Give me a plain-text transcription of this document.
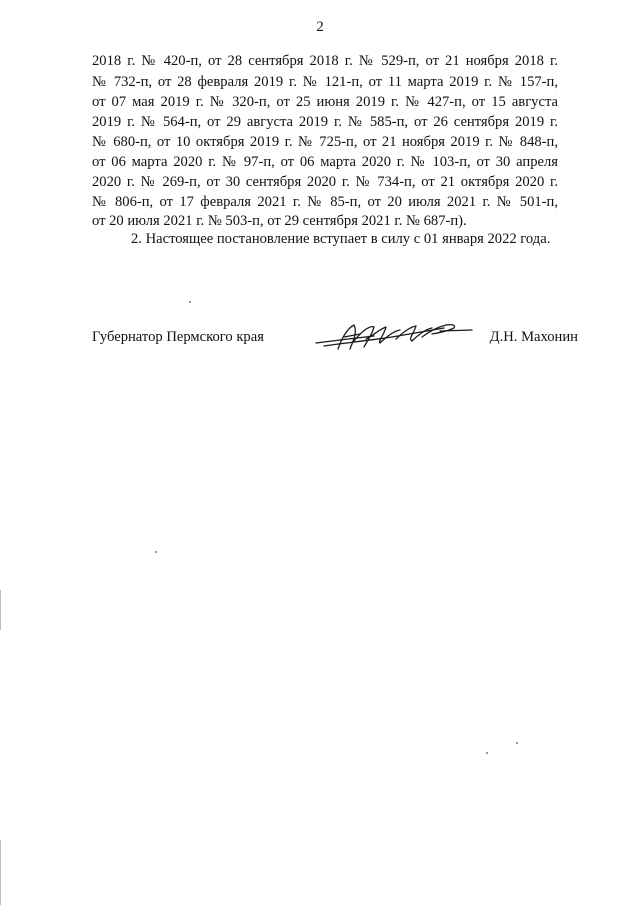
2
2018 г. № 420-п, от 28 сентября 2018 г. № 529-п, от 21 ноября 2018 г.
№ 732-п, от 28 февраля 2019 г. № 121-п, от 11 марта 2019 г. № 157-п,
от 07 мая 2019 г. № 320-п, от 25 июня 2019 г. № 427-п, от 15 августа
2019 г. № 564-п, от 29 августа 2019 г. № 585-п, от 26 сентября 2019 г.
№ 680-п, от 10 октября 2019 г. № 725-п, от 21 ноября 2019 г. № 848-п,
от 06 марта 2020 г. № 97-п, от 06 марта 2020 г. № 103-п, от 30 апреля
2020 г. № 269-п, от 30 сентября 2020 г. № 734-п, от 21 октября 2020 г.
№ 806-п, от 17 февраля 2021 г. № 85-п, от 20 июля 2021 г. № 501-п,
от 20 июля 2021 г. № 503-п, от 29 сентября 2021 г. № 687-п).
2. Настоящее постановление вступает в силу с 01 января 2022 года.
Губернатор Пермского края	Д.Н. Махонин
